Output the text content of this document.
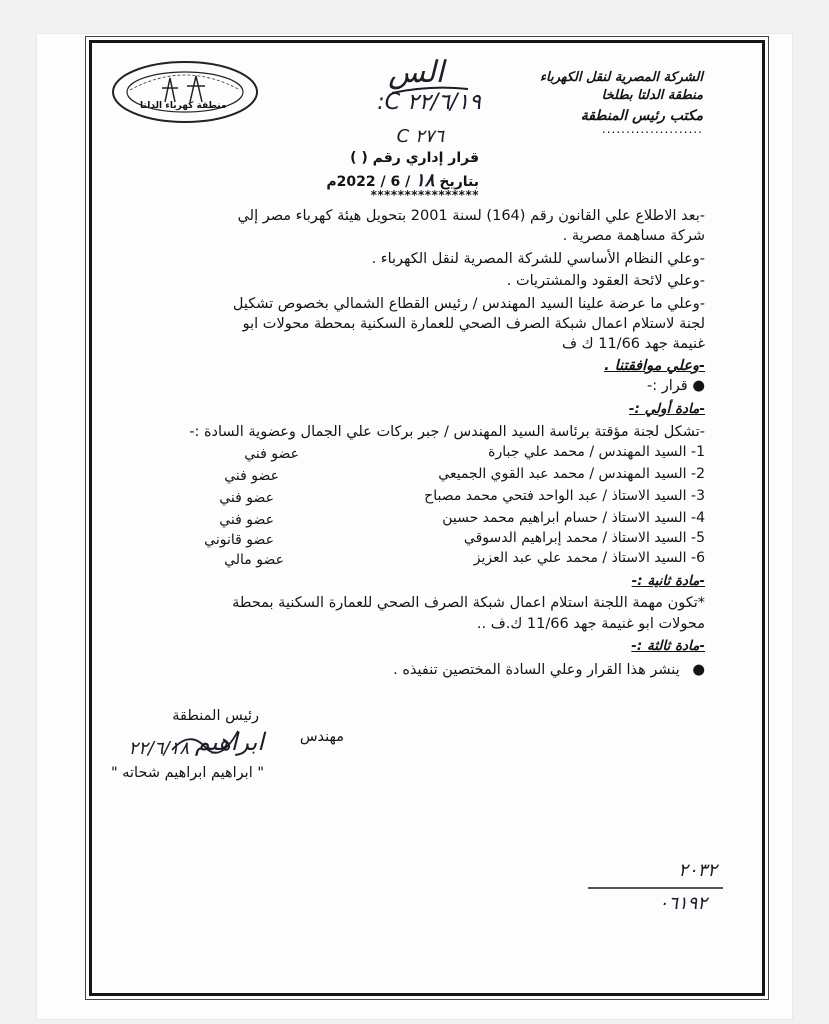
منطقة كهرباء الدلتا
الشركة المصرية لنقل الكهرباء
منطقة الدلتا بطلخا
مكتب رئيس المنطقة
.....................
الس
٢٢/٦/١٩ C:
٢٧٦ C
قرار إداري رقم ( )
بتاريخ ١٨ / 6 / 2022م
****************
-بعد الاطلاع علي القانون رقم (164) لسنة 2001 بتحويل هيئة كهرباء مصر إلي
شركة مساهمة مصرية .
-وعلي النظام الأساسي للشركة المصرية لنقل الكهرباء .
-وعلي لائحة العقود والمشتريات .
-وعلي ما عرضة علينا السيد المهندس / رئيس القطاع الشمالي بخصوص تشكيل
لجنة لاستلام اعمال شبكة الصرف الصحي للعمارة السكنية بمحطة محولات ابو
غنيمة جهد 11/66 ك ف
-وعلي موافقتنا .
● قرار :-
-مادة أولي :-
-تشكل لجنة مؤقتة برئاسة السيد المهندس / جبر بركات علي الجمال وعضوية السادة :-
1- السيد المهندس / محمد علي جبارة
عضو فني
2- السيد المهندس / محمد عبد القوي الجميعي
عضو فني
3- السيد الاستاذ / عبد الواحد فتحي محمد مصباح
عضو فني
4- السيد الاستاذ / حسام ابراهيم محمد حسين
عضو فني
5- السيد الاستاذ / محمد إبراهيم الدسوقي
عضو قانوني
6- السيد الاستاذ / محمد علي عبد العزيز
عضو مالي
-مادة ثانية :-
*تكون مهمة اللجنة استلام اعمال شبكة الصرف الصحي للعمارة السكنية بمحطة
محولات ابو غنيمة جهد 11/66 ك.ف ..
-مادة ثالثة :-
● ينشر هذا القرار وعلي السادة المختصين تنفيذه .
رئيس المنطقة
مهندس
ابراهيم
٢٢/٦/١٨
" ابراهيم ابراهيم شحاته "
٢٠٣٢
٠٦١٩٢
